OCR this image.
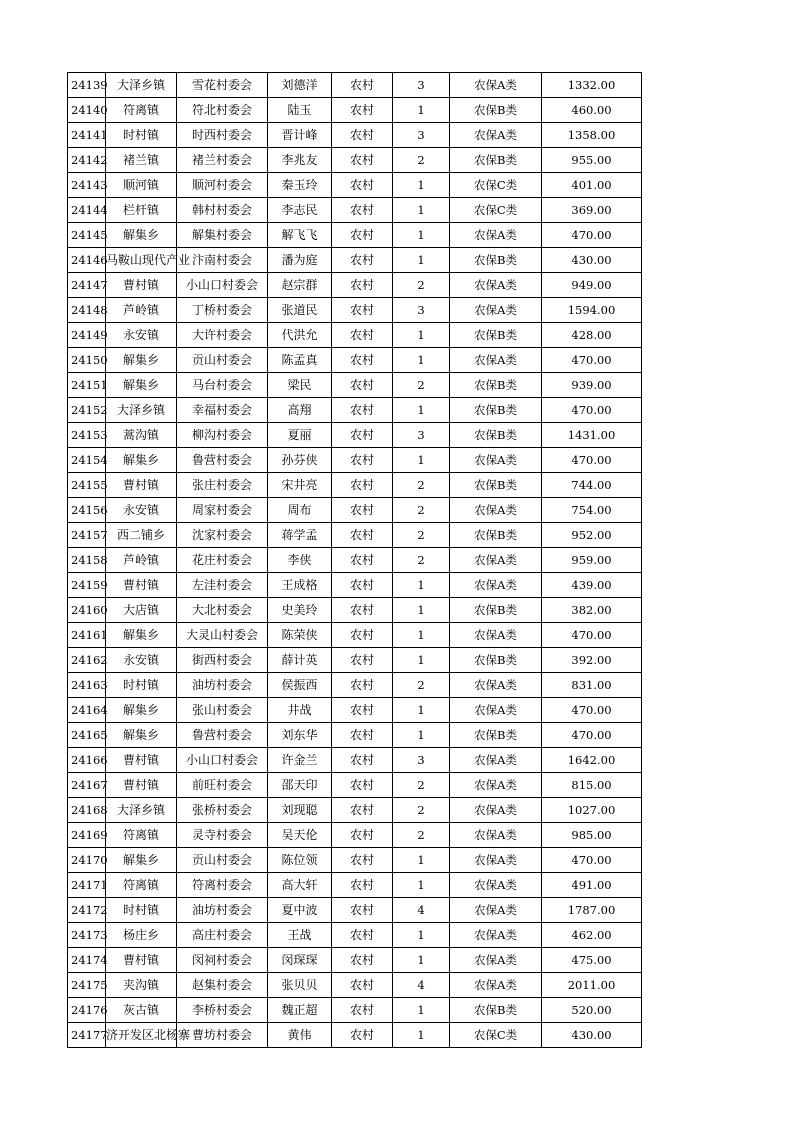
24139	大泽乡镇	雪花村委会	刘德洋	农村	3	农保A类	1332.00
24140	符离镇	符北村委会	陆玉	农村	1	农保B类	460.00
24141	时村镇	时西村委会	晋计峰	农村	3	农保A类	1358.00
24142	褚兰镇	褚兰村委会	李兆友	农村	2	农保B类	955.00
24143	顺河镇	顺河村委会	秦玉玲	农村	1	农保C类	401.00
24144	栏杆镇	韩村村委会	李志民	农村	1	农保C类	369.00
24145	解集乡	解集村委会	解飞飞	农村	1	农保A类	470.00
24146	马鞍山现代产业	汴南村委会	潘为庭	农村	1	农保B类	430.00
24147	曹村镇	小山口村委会	赵宗群	农村	2	农保A类	949.00
24148	芦岭镇	丁桥村委会	张道民	农村	3	农保A类	1594.00
24149	永安镇	大许村委会	代洪允	农村	1	农保B类	428.00
24150	解集乡	贡山村委会	陈孟真	农村	1	农保A类	470.00
24151	解集乡	马台村委会	梁民	农村	2	农保B类	939.00
24152	大泽乡镇	幸福村委会	高翔	农村	1	农保B类	470.00
24153	蒿沟镇	柳沟村委会	夏丽	农村	3	农保B类	1431.00
24154	解集乡	鲁营村委会	孙芬侠	农村	1	农保A类	470.00
24155	曹村镇	张庄村委会	宋井亮	农村	2	农保B类	744.00
24156	永安镇	周家村委会	周布	农村	2	农保A类	754.00
24157	西二铺乡	沈家村委会	蒋学孟	农村	2	农保B类	952.00
24158	芦岭镇	花庄村委会	李侠	农村	2	农保A类	959.00
24159	曹村镇	左洼村委会	王成格	农村	1	农保A类	439.00
24160	大店镇	大北村委会	史美玲	农村	1	农保B类	382.00
24161	解集乡	大灵山村委会	陈荣侠	农村	1	农保A类	470.00
24162	永安镇	街西村委会	薛计英	农村	1	农保B类	392.00
24163	时村镇	油坊村委会	侯振西	农村	2	农保A类	831.00
24164	解集乡	张山村委会	井战	农村	1	农保A类	470.00
24165	解集乡	鲁营村委会	刘东华	农村	1	农保B类	470.00
24166	曹村镇	小山口村委会	许金兰	农村	3	农保A类	1642.00
24167	曹村镇	前旺村委会	邵天印	农村	2	农保A类	815.00
24168	大泽乡镇	张桥村委会	刘现聪	农村	2	农保A类	1027.00
24169	符离镇	灵寺村委会	吴天伦	农村	2	农保A类	985.00
24170	解集乡	贡山村委会	陈位领	农村	1	农保A类	470.00
24171	符离镇	符离村委会	高大轩	农村	1	农保A类	491.00
24172	时村镇	油坊村委会	夏中波	农村	4	农保A类	1787.00
24173	杨庄乡	高庄村委会	王战	农村	1	农保A类	462.00
24174	曹村镇	闵祠村委会	闵琛琛	农村	1	农保A类	475.00
24175	夹沟镇	赵集村委会	张贝贝	农村	4	农保A类	2011.00
24176	灰古镇	李桥村委会	魏正超	农村	1	农保B类	520.00
24177	济开发区北杨寨	曹坊村委会	黄伟	农村	1	农保C类	430.00
